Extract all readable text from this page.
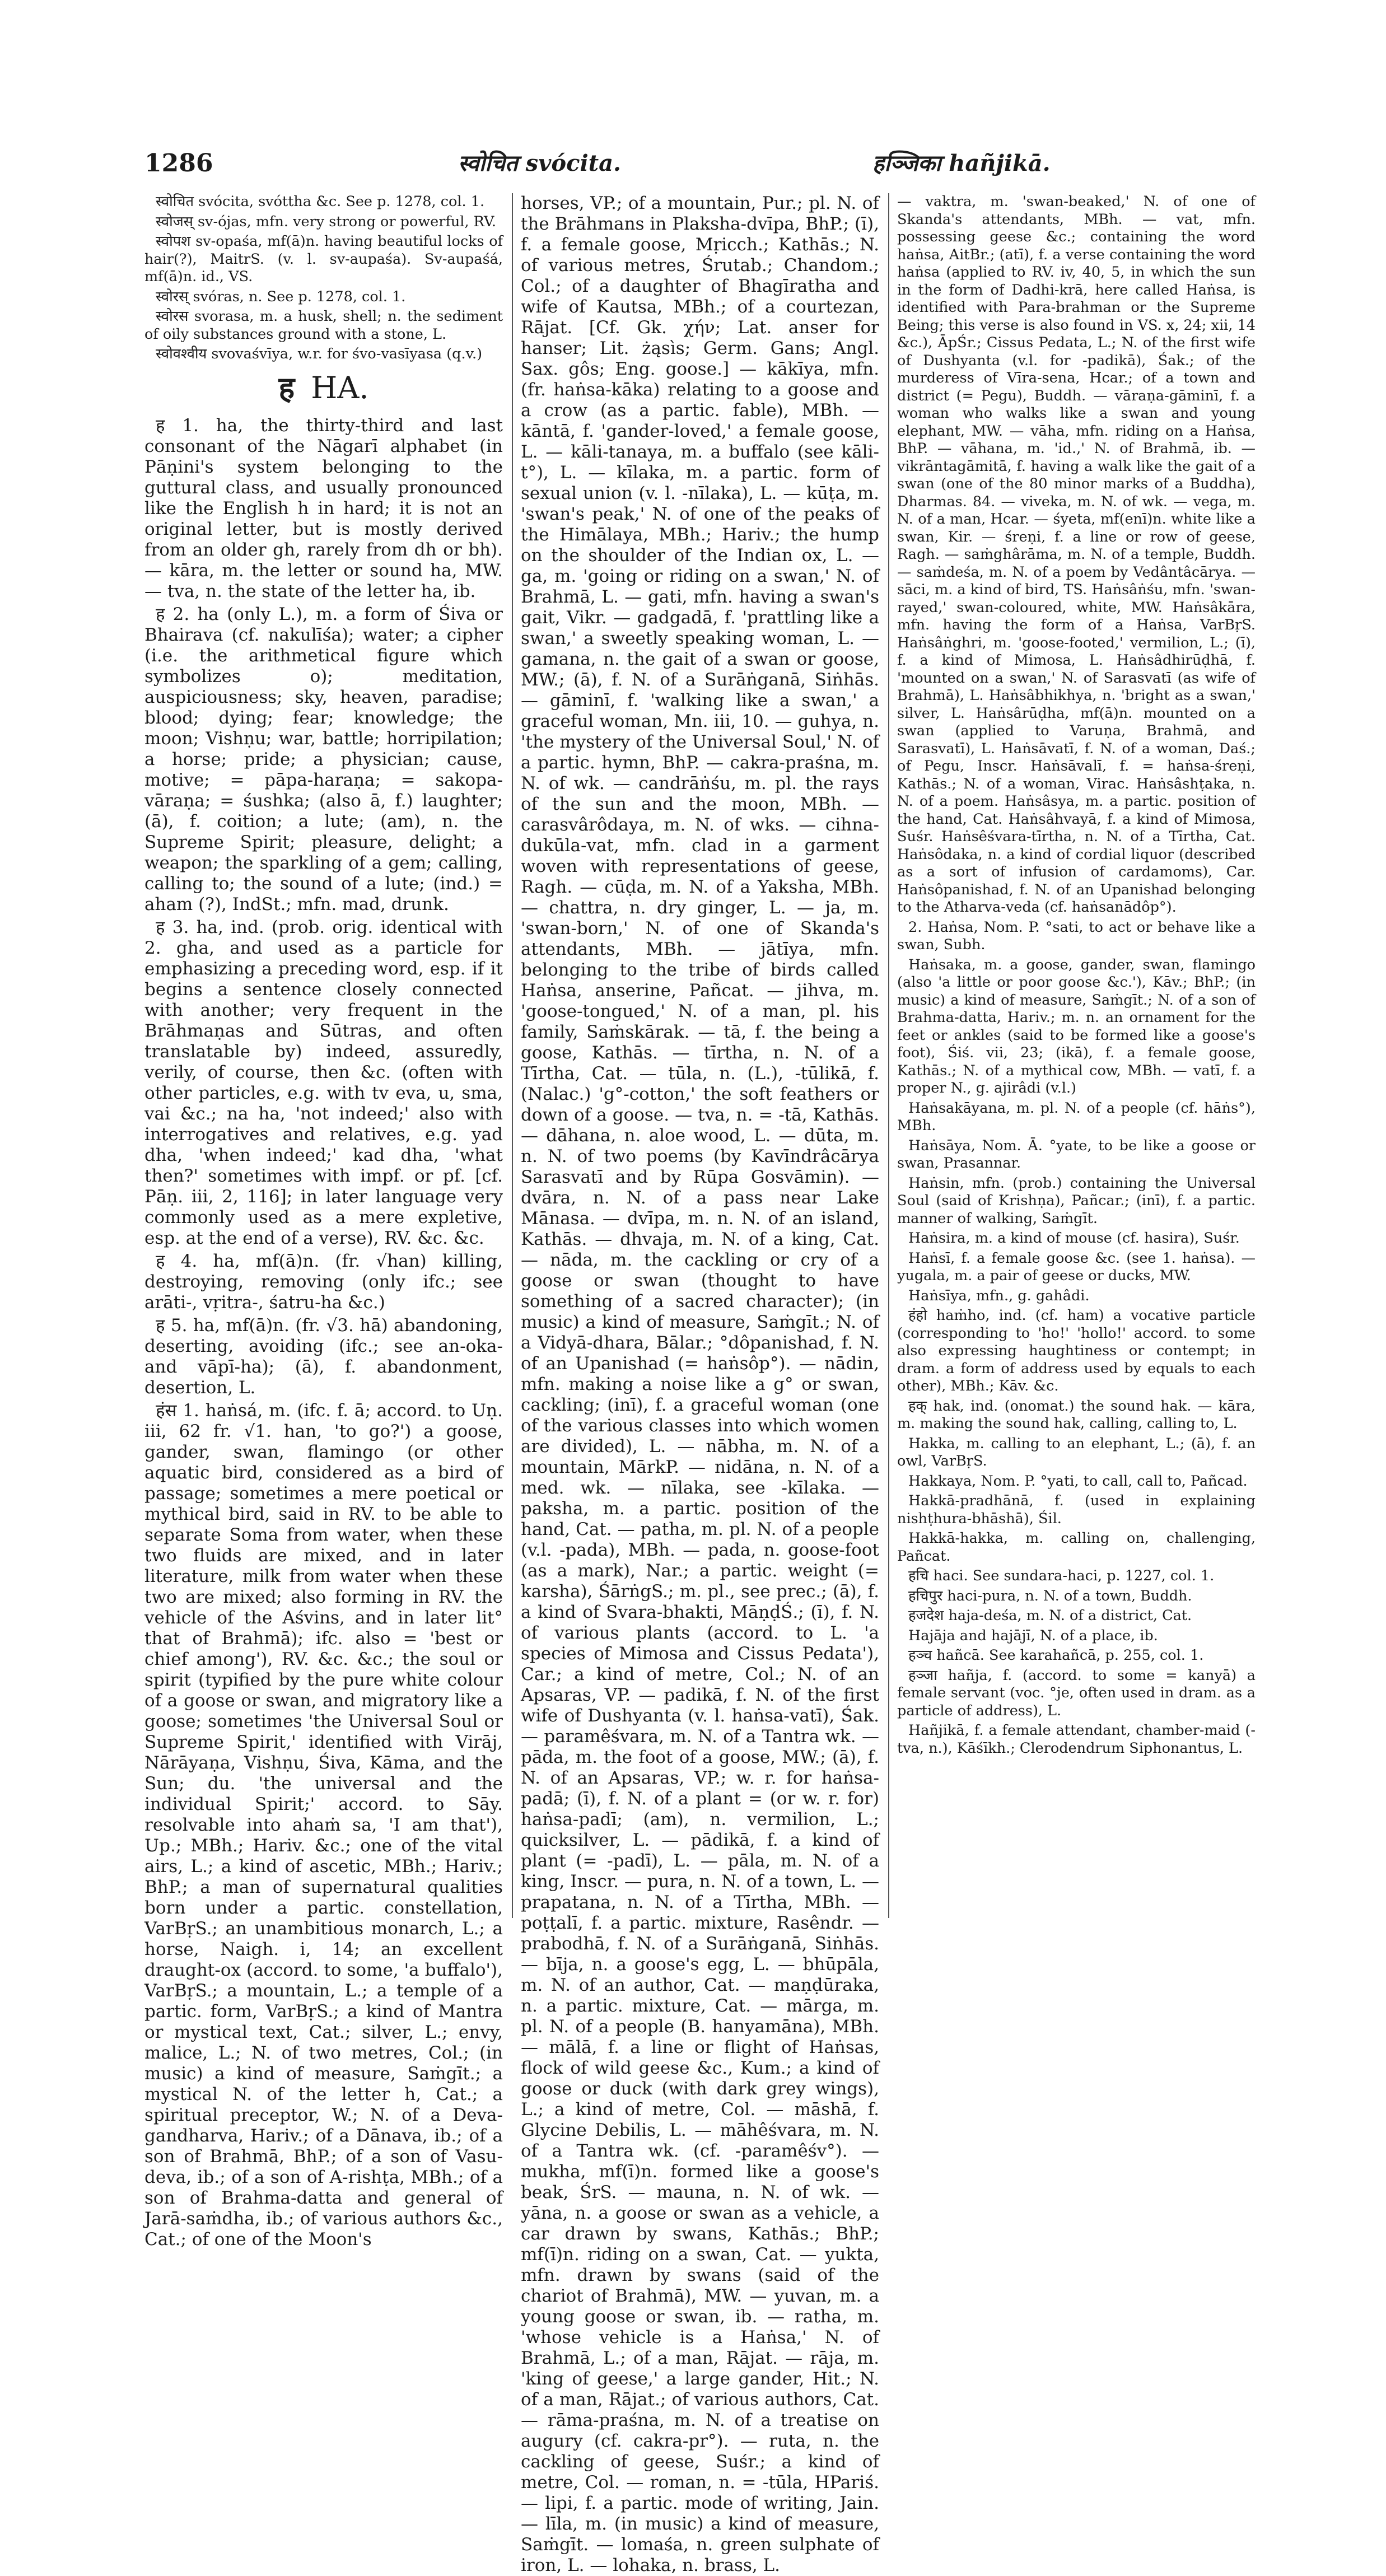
1286	स्वोचित svócita.	हञ्जिका hañjikā.

स्वोचित svócita, svóttha &c. See p. 1278, col. 1.

स्वोजस् sv-ójas, mfn. very strong or powerful, RV.

स्वोपश sv-opaśa, mf(ā)n. having beautiful locks of hair(?), MaitrS. (v. l. sv-aupaśa). Sv-aupaśá, mf(ā)n. id., VS.

स्वोरस् svóras, n. See p. 1278, col. 1.

स्वोरस svorasa, m. a husk, shell; n. the sediment of oily substances ground with a stone, L.

स्वोवश्वीय svovaśvīya, w.r. for śvo-vasīyasa (q.v.)

ह HA.

ह 1. ha, the thirty-third and last consonant of the Nāgarī alphabet (in Pāṇini's system belonging to the guttural class, and usually pronounced like the English h in hard; it is not an original letter, but is mostly derived from an older gh, rarely from dh or bh). — kāra, m. the letter or sound ha, MW. — tva, n. the state of the letter ha, ib.

ह 2. ha (only L.), m. a form of Śiva or Bhairava (cf. nakulīśa); water; a cipher (i.e. the arithmetical figure which symbolizes o); meditation, auspiciousness; sky, heaven, paradise; blood; dying; fear; knowledge; the moon; Vishṇu; war, battle; horripilation; a horse; pride; a physician; cause, motive; = pāpa-haraṇa; = sakopa-vāraṇa; = śushka; (also ā, f.) laughter; (ā), f. coition; a lute; (am), n. the Supreme Spirit; pleasure, delight; a weapon; the sparkling of a gem; calling, calling to; the sound of a lute; (ind.) = aham (?), IndSt.; mfn. mad, drunk.

ह 3. ha, ind. (prob. orig. identical with 2. gha, and used as a particle for emphasizing a preceding word, esp. if it begins a sentence closely connected with another; very frequent in the Brāhmaṇas and Sūtras, and often translatable by) indeed, assuredly, verily, of course, then &c. (often with other particles, e.g. with tv eva, u, sma, vai &c.; na ha, 'not indeed;' also with interrogatives and relatives, e.g. yad dha, 'when indeed;' kad dha, 'what then?' sometimes with impf. or pf. [cf. Pāṇ. iii, 2, 116]; in later language very commonly used as a mere expletive, esp. at the end of a verse), RV. &c. &c.

ह 4. ha, mf(ā)n. (fr. √han) killing, destroying, removing (only ifc.; see arāti-, vṛitra-, śatru-ha &c.)

ह 5. ha, mf(ā)n. (fr. √3. hā) abandoning, deserting, avoiding (ifc.; see an-oka- and vāpī-ha); (ā), f. abandonment, desertion, L.

हंस 1. haṅsá, m. (ifc. f. ā; accord. to Uṇ. iii, 62 fr. √1. han, 'to go?') a goose, gander, swan, flamingo (or other aquatic bird, considered as a bird of passage; sometimes a mere poetical or mythical bird, said in RV. to be able to separate Soma from water, when these two fluids are mixed, and in later literature, milk from water when these two are mixed; also forming in RV. the vehicle of the Aśvins, and in later lit° that of Brahmā); ifc. also = 'best or chief among'), RV. &c. &c.; the soul or spirit (typified by the pure white colour of a goose or swan, and migratory like a goose; sometimes 'the Universal Soul or Supreme Spirit,' identified with Virāj, Nārāyaṇa, Vishṇu, Śiva, Kāma, and the Sun; du. 'the universal and the individual Spirit;' accord. to Sāy. resolvable into ahaṁ sa, 'I am that'), Up.; MBh.; Hariv. &c.; one of the vital airs, L.; a kind of ascetic, MBh.; Hariv.; BhP.; a man of supernatural qualities born under a partic. constellation, VarBṛS.; an unambitious monarch, L.; a horse, Naigh. i, 14; an excellent draught-ox (accord. to some, 'a buffalo'), VarBṛS.; a mountain, L.; a temple of a partic. form, VarBṛS.; a kind of Mantra or mystical text, Cat.; silver, L.; envy, malice, L.; N. of two metres, Col.; (in music) a kind of measure, Saṁgīt.; a mystical N. of the letter h, Cat.; a spiritual preceptor, W.; N. of a Deva-gandharva, Hariv.; of a Dānava, ib.; of a son of Brahmā, BhP.; of a son of Vasu-deva, ib.; of a son of A-rishṭa, MBh.; of a son of Brahma-datta and general of Jarā-saṁdha, ib.; of various authors &c., Cat.; of one of the Moon's

horses, VP.; of a mountain, Pur.; pl. N. of the Brāhmans in Plaksha-dvīpa, BhP.; (ī), f. a female goose, Mṛicch.; Kathās.; N. of various metres, Śrutab.; Chandom.; Col.; of a daughter of Bhagīratha and wife of Kautsa, MBh.; of a courtezan, Rājat. [Cf. Gk. χήν; Lat. anser for hanser; Lit. żąsìs; Germ. Gans; Angl. Sax. gôs; Eng. goose.] — kākīya, mfn. (fr. haṅsa-kāka) relating to a goose and a crow (as a partic. fable), MBh. — kāntā, f. 'gander-loved,' a female goose, L. — kāli-tanaya, m. a buffalo (see kāli-t°), L. — kīlaka, m. a partic. form of sexual union (v. l. -nīlaka), L. — kūṭa, m. 'swan's peak,' N. of one of the peaks of the Himālaya, MBh.; Hariv.; the hump on the shoulder of the Indian ox, L. — ga, m. 'going or riding on a swan,' N. of Brahmā, L. — gati, mfn. having a swan's gait, Vikr. — gadgadā, f. 'prattling like a swan,' a sweetly speaking woman, L. — gamana, n. the gait of a swan or goose, MW.; (ā), f. N. of a Surāṅganā, Siṅhās. — gāminī, f. 'walking like a swan,' a graceful woman, Mn. iii, 10. — guhya, n. 'the mystery of the Universal Soul,' N. of a partic. hymn, BhP. — cakra-praśna, m. N. of wk. — candrāṅśu, m. pl. the rays of the sun and the moon, MBh. — carasvârôdaya, m. N. of wks. — cihna-dukūla-vat, mfn. clad in a garment woven with representations of geese, Ragh. — cūḍa, m. N. of a Yaksha, MBh. — chattra, n. dry ginger, L. — ja, m. 'swan-born,' N. of one of Skanda's attendants, MBh. — jātīya, mfn. belonging to the tribe of birds called Haṅsa, anserine, Pañcat. — jihva, m. 'goose-tongued,' N. of a man, pl. his family, Saṁskārak. — tā, f. the being a goose, Kathās. — tīrtha, n. N. of a Tīrtha, Cat. — tūla, n. (L.), -tūlikā, f. (Nalac.) 'g°-cotton,' the soft feathers or down of a goose. — tva, n. = -tā, Kathās. — dāhana, n. aloe wood, L. — dūta, m. n. N. of two poems (by Kavīndrâcārya Sarasvatī and by Rūpa Gosvāmin). — dvāra, n. N. of a pass near Lake Mānasa. — dvīpa, m. n. N. of an island, Kathās. — dhvaja, m. N. of a king, Cat. — nāda, m. the cackling or cry of a goose or swan (thought to have something of a sacred character); (in music) a kind of measure, Saṁgīt.; N. of a Vidyā-dhara, Bālar.; °dôpanishad, f. N. of an Upanishad (= haṅsôp°). — nādin, mfn. making a noise like a g° or swan, cackling; (inī), f. a graceful woman (one of the various classes into which women are divided), L. — nābha, m. N. of a mountain, MārkP. — nidāna, n. N. of a med. wk. — nīlaka, see -kīlaka. — paksha, m. a partic. position of the hand, Cat. — patha, m. pl. N. of a people (v.l. -pada), MBh. — pada, n. goose-foot (as a mark), Nar.; a partic. weight (= karsha), ŚārṅgS.; m. pl., see prec.; (ā), f. a kind of Svara-bhakti, MāṇḍŚ.; (ī), f. N. of various plants (accord. to L. 'a species of Mimosa and Cissus Pedata'), Car.; a kind of metre, Col.; N. of an Apsaras, VP. — padikā, f. N. of the first wife of Dushyanta (v. l. haṅsa-vatī), Śak. — paramêśvara, m. N. of a Tantra wk. — pāda, m. the foot of a goose, MW.; (ā), f. N. of an Apsaras, VP.; w. r. for haṅsa-padā; (ī), f. N. of a plant = (or w. r. for) haṅsa-padī; (am), n. vermilion, L.; quicksilver, L. — pādikā, f. a kind of plant (= -padī), L. — pāla, m. N. of a king, Inscr. — pura, n. N. of a town, L. — prapatana, n. N. of a Tīrtha, MBh. — poṭṭalī, f. a partic. mixture, Rasêndr. — prabodhā, f. N. of a Surāṅganā, Siṅhās. — bīja, n. a goose's egg, L. — bhūpāla, m. N. of an author, Cat. — maṇḍūraka, n. a partic. mixture, Cat. — mārga, m. pl. N. of a people (B. hanyamāna), MBh. — mālā, f. a line or flight of Haṅsas, flock of wild geese &c., Kum.; a kind of goose or duck (with dark grey wings), L.; a kind of metre, Col. — māshā, f. Glycine Debilis, L. — māhêśvara, m. N. of a Tantra wk. (cf. -paramêśv°). — mukha, mf(ī)n. formed like a goose's beak, ŚrS. — mauna, n. N. of wk. — yāna, n. a goose or swan as a vehicle, a car drawn by swans, Kathās.; BhP.; mf(ī)n. riding on a swan, Cat. — yukta, mfn. drawn by swans (said of the chariot of Brahmā), MW. — yuvan, m. a young goose or swan, ib. — ratha, m. 'whose vehicle is a Haṅsa,' N. of Brahmā, L.; of a man, Rājat. — rāja, m. 'king of geese,' a large gander, Hit.; N. of a man, Rājat.; of various authors, Cat. — rāma-praśna, m. N. of a treatise on augury (cf. cakra-pr°). — ruta, n. the cackling of geese, Suśr.; a kind of metre, Col. — roman, n. = -tūla, HPariś. — lipi, f. a partic. mode of writing, Jain. — līla, m. (in music) a kind of measure, Saṁgīt. — lomaśa, n. green sulphate of iron, L. — lohaka, n. brass, L.

— vaktra, m. 'swan-beaked,' N. of one of Skanda's attendants, MBh. — vat, mfn. possessing geese &c.; containing the word haṅsa, AitBr.; (atī), f. a verse containing the word haṅsa (applied to RV. iv, 40, 5, in which the sun in the form of Dadhi-krā, here called Haṅsa, is identified with Para-brahman or the Supreme Being; this verse is also found in VS. x, 24; xii, 14 &c.), ĀpŚr.; Cissus Pedata, L.; N. of the first wife of Dushyanta (v.l. for -padikā), Śak.; of the murderess of Vīra-sena, Hcar.; of a town and district (= Pegu), Buddh. — vāraṇa-gāminī, f. a woman who walks like a swan and young elephant, MW. — vāha, mfn. riding on a Haṅsa, BhP. — vāhana, m. 'id.,' N. of Brahmā, ib. — vikrāntagāmitā, f. having a walk like the gait of a swan (one of the 80 minor marks of a Buddha), Dharmas. 84. — viveka, m. N. of wk. — vega, m. N. of a man, Hcar. — śyeta, mf(enī)n. white like a swan, Kir. — śreṇi, f. a line or row of geese, Ragh. — saṁghârāma, m. N. of a temple, Buddh. — saṁdeśa, m. N. of a poem by Vedântâcārya. — sāci, m. a kind of bird, TS. Haṅsâṅśu, mfn. 'swan-rayed,' swan-coloured, white, MW. Haṅsâkāra, mfn. having the form of a Haṅsa, VarBṛS. Haṅsâṅghri, m. 'goose-footed,' vermilion, L.; (ī), f. a kind of Mimosa, L. Haṅsâdhirūḍhā, f. 'mounted on a swan,' N. of Sarasvatī (as wife of Brahmā), L. Haṅsâbhikhya, n. 'bright as a swan,' silver, L. Haṅsârūḍha, mf(ā)n. mounted on a swan (applied to Varuṇa, Brahmā, and Sarasvatī), L. Haṅsāvatī, f. N. of a woman, Daś.; of Pegu, Inscr. Haṅsāvalī, f. = haṅsa-śreṇi, Kathās.; N. of a woman, Virac. Haṅsâshṭaka, n. N. of a poem. Haṅsâsya, m. a partic. position of the hand, Cat. Haṅsâhvayā, f. a kind of Mimosa, Suśr. Haṅsêśvara-tīrtha, n. N. of a Tīrtha, Cat. Haṅsôdaka, n. a kind of cordial liquor (described as a sort of infusion of cardamoms), Car. Haṅsôpanishad, f. N. of an Upanishad belonging to the Atharva-veda (cf. haṅsanādôp°).

2. Haṅsa, Nom. P. °sati, to act or behave like a swan, Subh.

Haṅsaka, m. a goose, gander, swan, flamingo (also 'a little or poor goose &c.'), Kāv.; BhP.; (in music) a kind of measure, Saṁgīt.; N. of a son of Brahma-datta, Hariv.; m. n. an ornament for the feet or ankles (said to be formed like a goose's foot), Śiś. vii, 23; (ikā), f. a female goose, Kathās.; N. of a mythical cow, MBh. — vatī, f. a proper N., g. ajirâdi (v.l.)

Haṅsakāyana, m. pl. N. of a people (cf. hāṅs°), MBh.

Haṅsāya, Nom. Ā. °yate, to be like a goose or swan, Prasannar.

Haṅsin, mfn. (prob.) containing the Universal Soul (said of Krishṇa), Pañcar.; (inī), f. a partic. manner of walking, Saṁgīt.

Haṅsira, m. a kind of mouse (cf. hasira), Suśr.

Haṅsī, f. a female goose &c. (see 1. haṅsa). — yugala, m. a pair of geese or ducks, MW.

Haṅsīya, mfn., g. gahâdi.

हंहो haṁho, ind. (cf. ham) a vocative particle (corresponding to 'ho!' 'hollo!' accord. to some also expressing haughtiness or contempt; in dram. a form of address used by equals to each other), MBh.; Kāv. &c.

हक् hak, ind. (onomat.) the sound hak. — kāra, m. making the sound hak, calling, calling to, L.

Hakka, m. calling to an elephant, L.; (ā), f. an owl, VarBṛS.

Hakkaya, Nom. P. °yati, to call, call to, Pañcad.

Hakkā-pradhānā, f. (used in explaining nishṭhura-bhāshā), Śil.

Hakkā-hakka, m. calling on, challenging, Pañcat.

हचि haci. See sundara-haci, p. 1227, col. 1.

हचिपुर haci-pura, n. N. of a town, Buddh.

हजदेश haja-deśa, m. N. of a district, Cat.

Hajāja and hajājī, N. of a place, ib.

हञ्च hañcā. See karahañcā, p. 255, col. 1.

हञ्जा hañja, f. (accord. to some = kanyā) a female servant (voc. °je, often used in dram. as a particle of address), L.

Hañjikā, f. a female attendant, chamber-maid (-tva, n.), Kāśīkh.; Clerodendrum Siphonantus, L.
